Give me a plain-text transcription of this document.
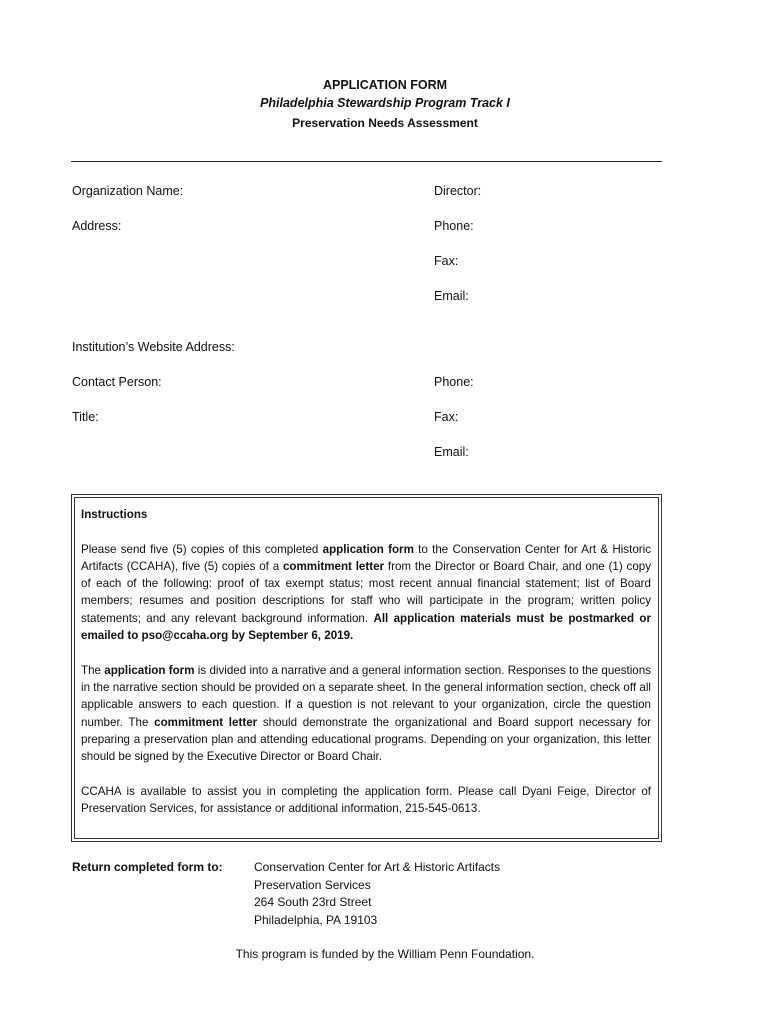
APPLICATION FORM
Philadelphia Stewardship Program Track I
Preservation Needs Assessment
Organization Name:	Director:
Address:	Phone:
Fax:
Email:
Institution’s Website Address:
Contact Person:	Phone:
Title:	Fax:
Email:

Instructions

Please send five (5) copies of this completed application form to the Conservation Center for Art & Historic Artifacts (CCAHA), five (5) copies of a commitment letter from the Director or Board Chair, and one (1) copy of each of the following: proof of tax exempt status; most recent annual financial statement; list of Board members; resumes and position descriptions for staff who will participate in the program; written policy statements; and any relevant background information. All application materials must be postmarked or emailed to pso@ccaha.org by September 6, 2019.

The application form is divided into a narrative and a general information section. Responses to the questions in the narrative section should be provided on a separate sheet. In the general information section, check off all applicable answers to each question. If a question is not relevant to your organization, circle the question number. The commitment letter should demonstrate the organizational and Board support necessary for preparing a preservation plan and attending educational programs. Depending on your organization, this letter should be signed by the Executive Director or Board Chair.

CCAHA is available to assist you in completing the application form. Please call Dyani Feige, Director of Preservation Services, for assistance or additional information, 215-545-0613.

Return completed form to:	Conservation Center for Art & Historic Artifacts
Preservation Services
264 South 23rd Street
Philadelphia, PA 19103
This program is funded by the William Penn Foundation.
